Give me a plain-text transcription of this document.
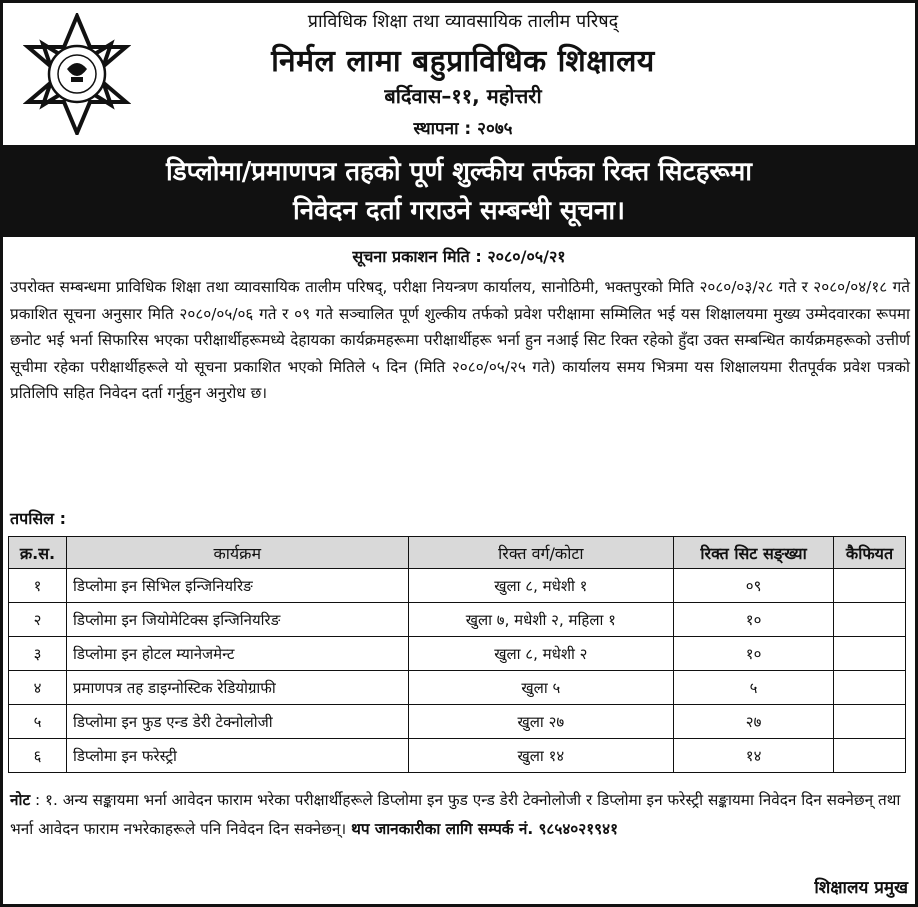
प्राविधिक शिक्षा तथा व्यावसायिक तालीम परिषद्
निर्मल लामा बहुप्राविधिक शिक्षालय
बर्दिवास–११, महोत्तरी
स्थापना : २०७५
डिप्लोमा/प्रमाणपत्र तहको पूर्ण शुल्कीय तर्फका रिक्त सिटहरूमा
निवेदन दर्ता गराउने सम्बन्धी सूचना।
सूचना प्रकाशन मिति : २०८०/०५/२१
उपरोक्त सम्बन्धमा प्राविधिक शिक्षा तथा व्यावसायिक तालीम परिषद्, परीक्षा नियन्त्रण कार्यालय, सानोठिमी, भक्तपुरको मिति २०८०/०३/२८ गते र २०८०/०४/१८ गते प्रकाशित सूचना अनुसार मिति २०८०/०५/०६ गते र ०९ गते सञ्चालित पूर्ण शुल्कीय तर्फको प्रवेश परीक्षामा सम्मिलित भई यस शिक्षालयमा मुख्य उम्मेदवारका रूपमा छनोट भई भर्ना सिफारिस भएका परीक्षार्थीहरूमध्ये देहायका कार्यक्रमहरूमा परीक्षार्थीहरू भर्ना हुन नआई सिट रिक्त रहेको हुँदा उक्त सम्बन्धित कार्यक्रमहरूको उत्तीर्ण सूचीमा रहेका परीक्षार्थीहरूले यो सूचना प्रकाशित भएको मितिले ५ दिन (मिति २०८०/०५/२५ गते) कार्यालय समय भित्रमा यस शिक्षालयमा रीतपूर्वक प्रवेश पत्रको प्रतिलिपि सहित निवेदन दर्ता गर्नुहुन अनुरोध छ।
तपसिल :
क्र.स.	कार्यक्रम	रिक्त वर्ग/कोटा	रिक्त सिट सङ्ख्या	कैफियत
१	डिप्लोमा इन सिभिल इन्जिनियरिङ	खुला ८, मधेशी १	०९	
२	डिप्लोमा इन जियोमेटिक्स इन्जिनियरिङ	खुला ७, मधेशी २, महिला १	१०	
३	डिप्लोमा इन होटल म्यानेजमेन्ट	खुला ८, मधेशी २	१०	
४	प्रमाणपत्र तह डाइग्नोस्टिक रेडियोग्राफी	खुला ५	५	
५	डिप्लोमा इन फुड एन्ड डेरी टेक्नोलोजी	खुला २७	२७	
६	डिप्लोमा इन फरेस्ट्री	खुला १४	१४	
नोट : १. अन्य सङ्कायमा भर्ना आवेदन फाराम भरेका परीक्षार्थीहरूले डिप्लोमा इन फुड एन्ड डेरी टेक्नोलोजी र डिप्लोमा इन फरेस्ट्री सङ्कायमा निवेदन दिन सक्नेछन् तथा भर्ना आवेदन फाराम नभरेकाहरूले पनि निवेदन दिन सक्नेछन्। थप जानकारीका लागि सम्पर्क नं. ९८५४०२१९४१
शिक्षालय प्रमुख
